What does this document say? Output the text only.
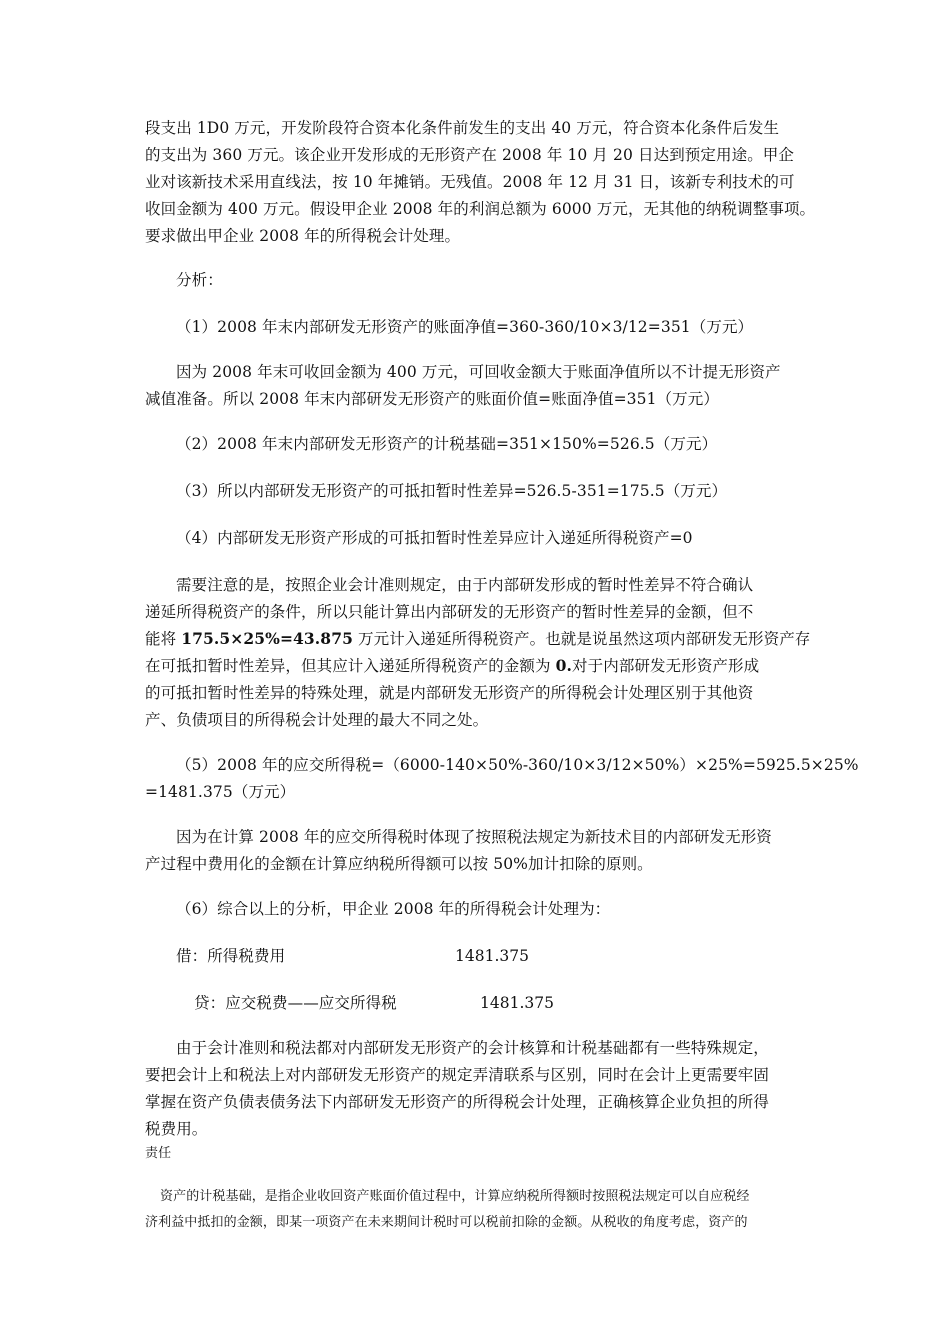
段支出 1D0 万元，开发阶段符合资本化条件前发生的支出 40 万元，符合资本化条件后发生
的支出为 360 万元。该企业开发形成的无形资产在 2008 年 10 月 20 日达到预定用途。甲企
业对该新技术采用直线法，按 10 年摊销。无残值。2008 年 12 月 31 日，该新专利技术的可
收回金额为 400 万元。假设甲企业 2008 年的利润总额为 6000 万元，无其他的纳税调整事项。
要求做出甲企业 2008 年的所得税会计处理。
分析：
（1）2008 年末内部研发无形资产的账面净值=360-360/10×3/12=351（万元）
因为 2008 年末可收回金额为 400 万元，可回收金额大于账面净值所以不计提无形资产
减值准备。所以 2008 年末内部研发无形资产的账面价值=账面净值=351（万元）
（2）2008 年末内部研发无形资产的计税基础=351×150%=526.5（万元）
（3）所以内部研发无形资产的可抵扣暂时性差异=526.5-351=175.5（万元）
（4）内部研发无形资产形成的可抵扣暂时性差异应计入递延所得税资产=0
需要注意的是，按照企业会计准则规定，由于内部研发形成的暂时性差异不符合确认
递延所得税资产的条件，所以只能计算出内部研发的无形资产的暂时性差异的金额，但不
能将 175.5×25%=43.875 万元计入递延所得税资产。也就是说虽然这项内部研发无形资产存
在可抵扣暂时性差异，但其应计入递延所得税资产的金额为 0.对于内部研发无形资产形成
的可抵扣暂时性差异的特殊处理，就是内部研发无形资产的所得税会计处理区别于其他资
产、负债项目的所得税会计处理的最大不同之处。
（5）2008 年的应交所得税=（6000-140×50%-360/10×3/12×50%）×25%=5925.5×25%
=1481.375（万元）
因为在计算 2008 年的应交所得税时体现了按照税法规定为新技术目的内部研发无形资
产过程中费用化的金额在计算应纳税所得额可以按 50%加计扣除的原则。
（6）综合以上的分析，甲企业 2008 年的所得税会计处理为：
借：所得税费用	1481.375
贷：应交税费——应交所得税	1481.375
由于会计准则和税法都对内部研发无形资产的会计核算和计税基础都有一些特殊规定，
要把会计上和税法上对内部研发无形资产的规定弄清联系与区别，同时在会计上更需要牢固
掌握在资产负债表债务法下内部研发无形资产的所得税会计处理，正确核算企业负担的所得
税费用。
责任
资产的计税基础，是指企业收回资产账面价值过程中，计算应纳税所得额时按照税法规定可以自应税经
济利益中抵扣的金额，即某一项资产在未来期间计税时可以税前扣除的金额。从税收的角度考虑，资产的
